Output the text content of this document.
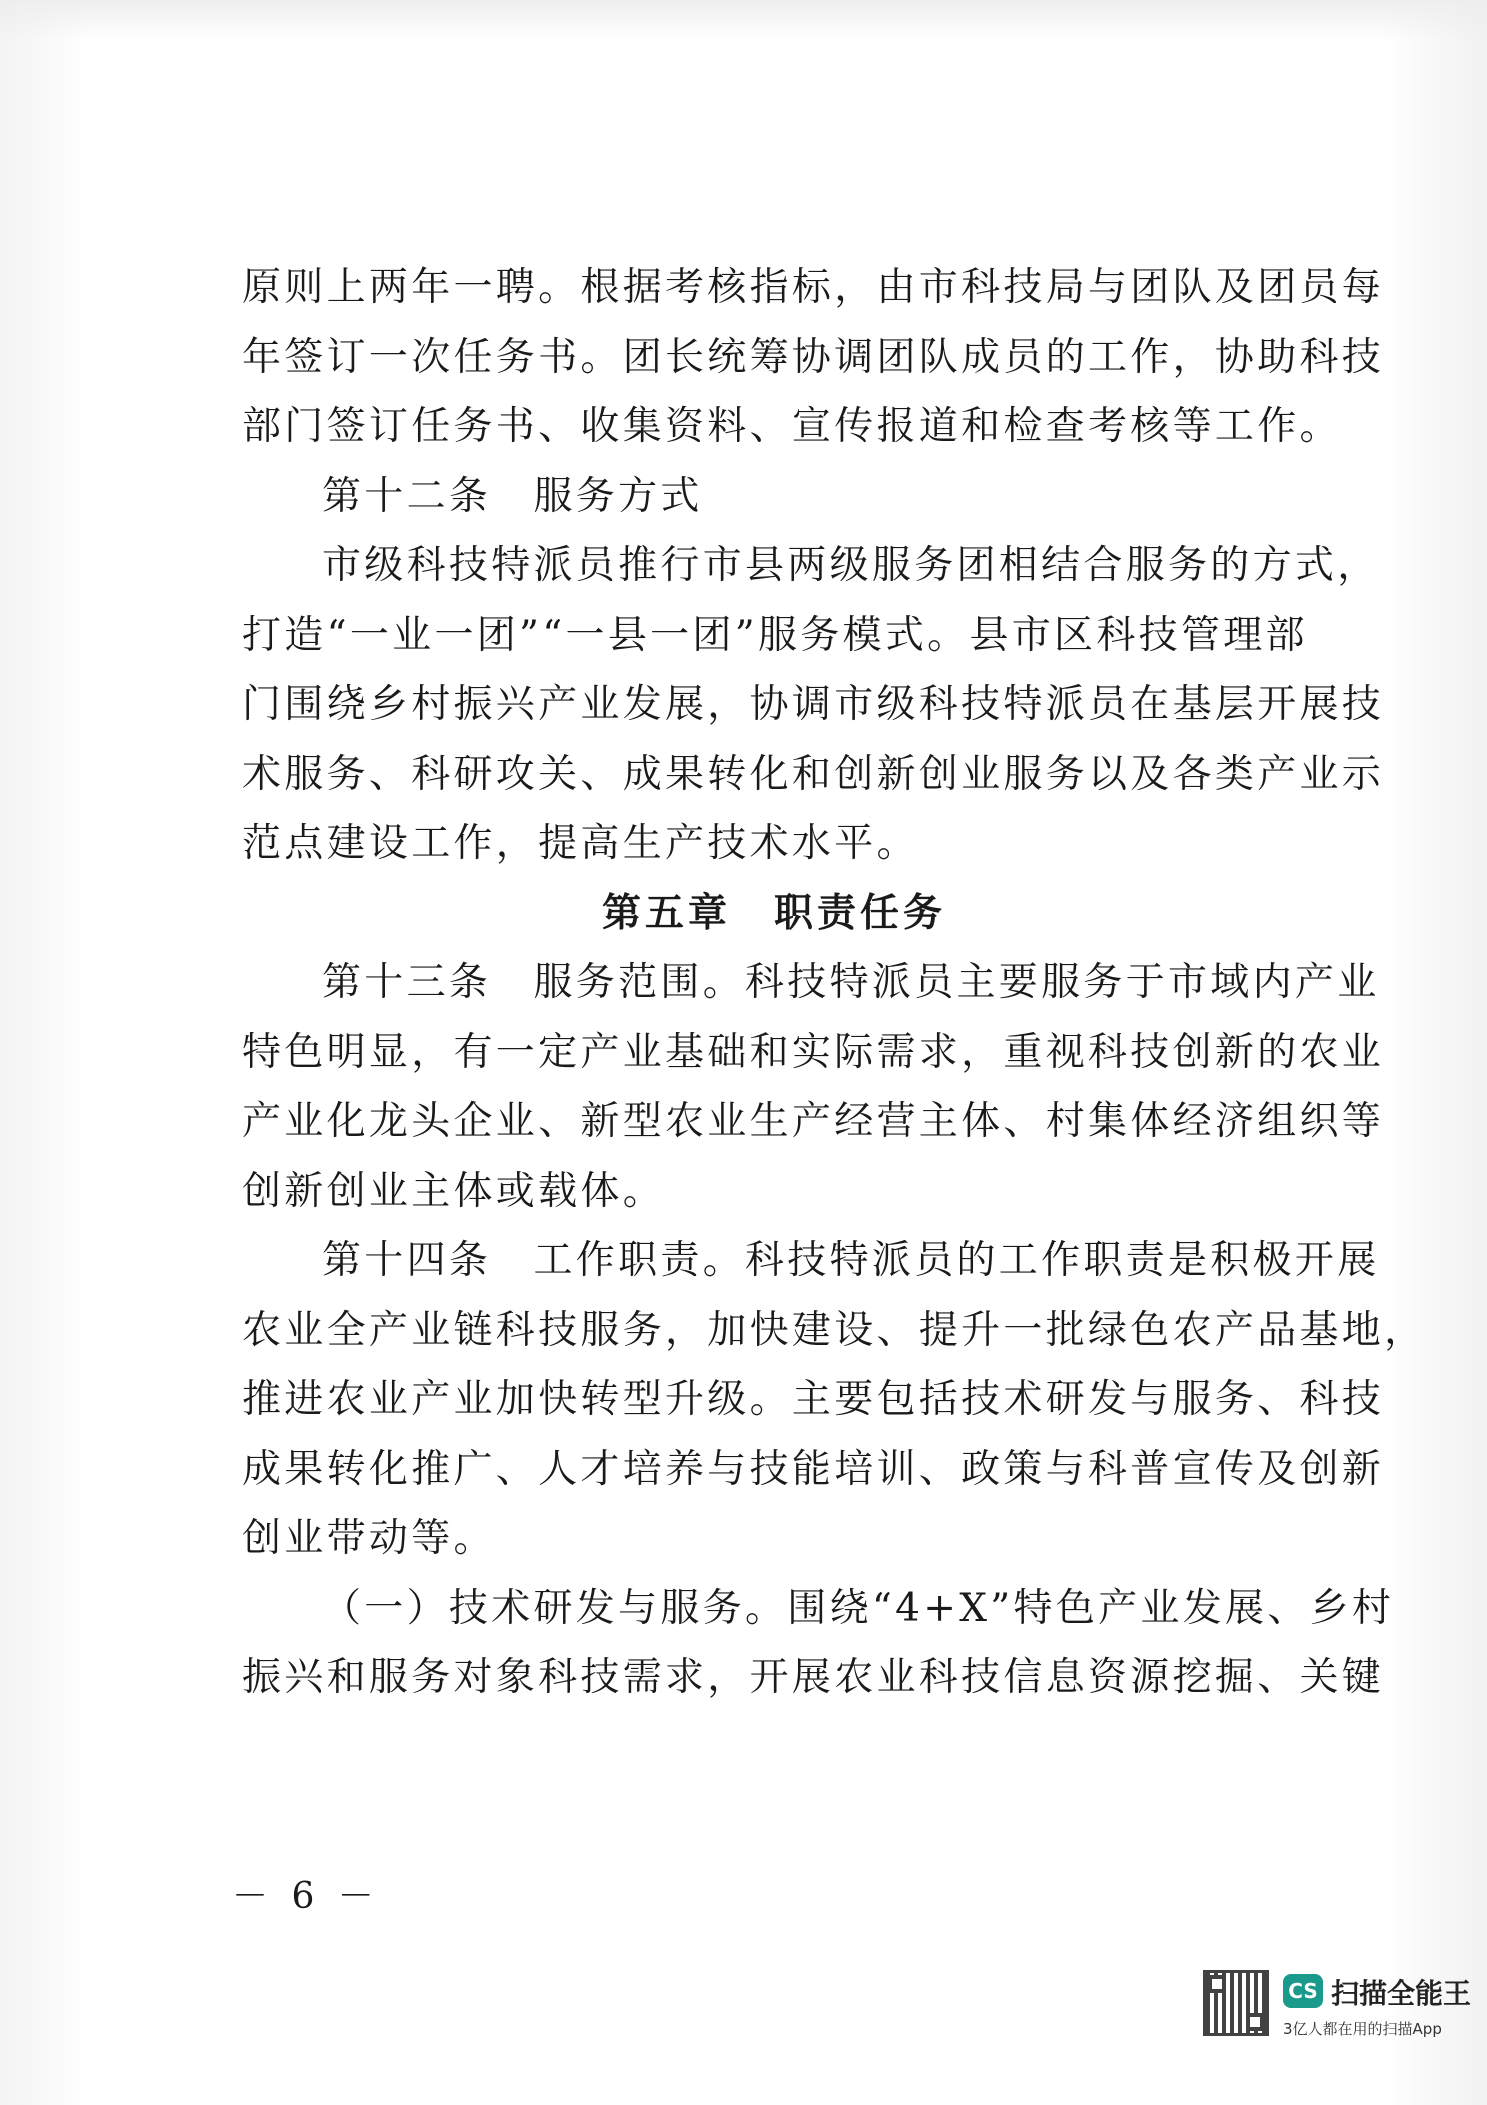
原则上两年一聘。根据考核指标，由市科技局与团队及团员每
年签订一次任务书。团长统筹协调团队成员的工作，协助科技
部门签订任务书、收集资料、宣传报道和检查考核等工作。
第十二条　服务方式
市级科技特派员推行市县两级服务团相结合服务的方式，
打造“一业一团”“一县一团”服务模式。县市区科技管理部
门围绕乡村振兴产业发展，协调市级科技特派员在基层开展技
术服务、科研攻关、成果转化和创新创业服务以及各类产业示
范点建设工作，提高生产技术水平。
第五章　职责任务
第十三条　服务范围。科技特派员主要服务于市域内产业
特色明显，有一定产业基础和实际需求，重视科技创新的农业
产业化龙头企业、新型农业生产经营主体、村集体经济组织等
创新创业主体或载体。
第十四条　工作职责。科技特派员的工作职责是积极开展
农业全产业链科技服务，加快建设、提升一批绿色农产品基地，
推进农业产业加快转型升级。主要包括技术研发与服务、科技
成果转化推广、人才培养与技能培训、政策与科普宣传及创新
创业带动等。
（一）技术研发与服务。围绕“4+X”特色产业发展、乡村
振兴和服务对象科技需求，开展农业科技信息资源挖掘、关键
－ 6 －
CS 扫描全能王
3亿人都在用的扫描App
